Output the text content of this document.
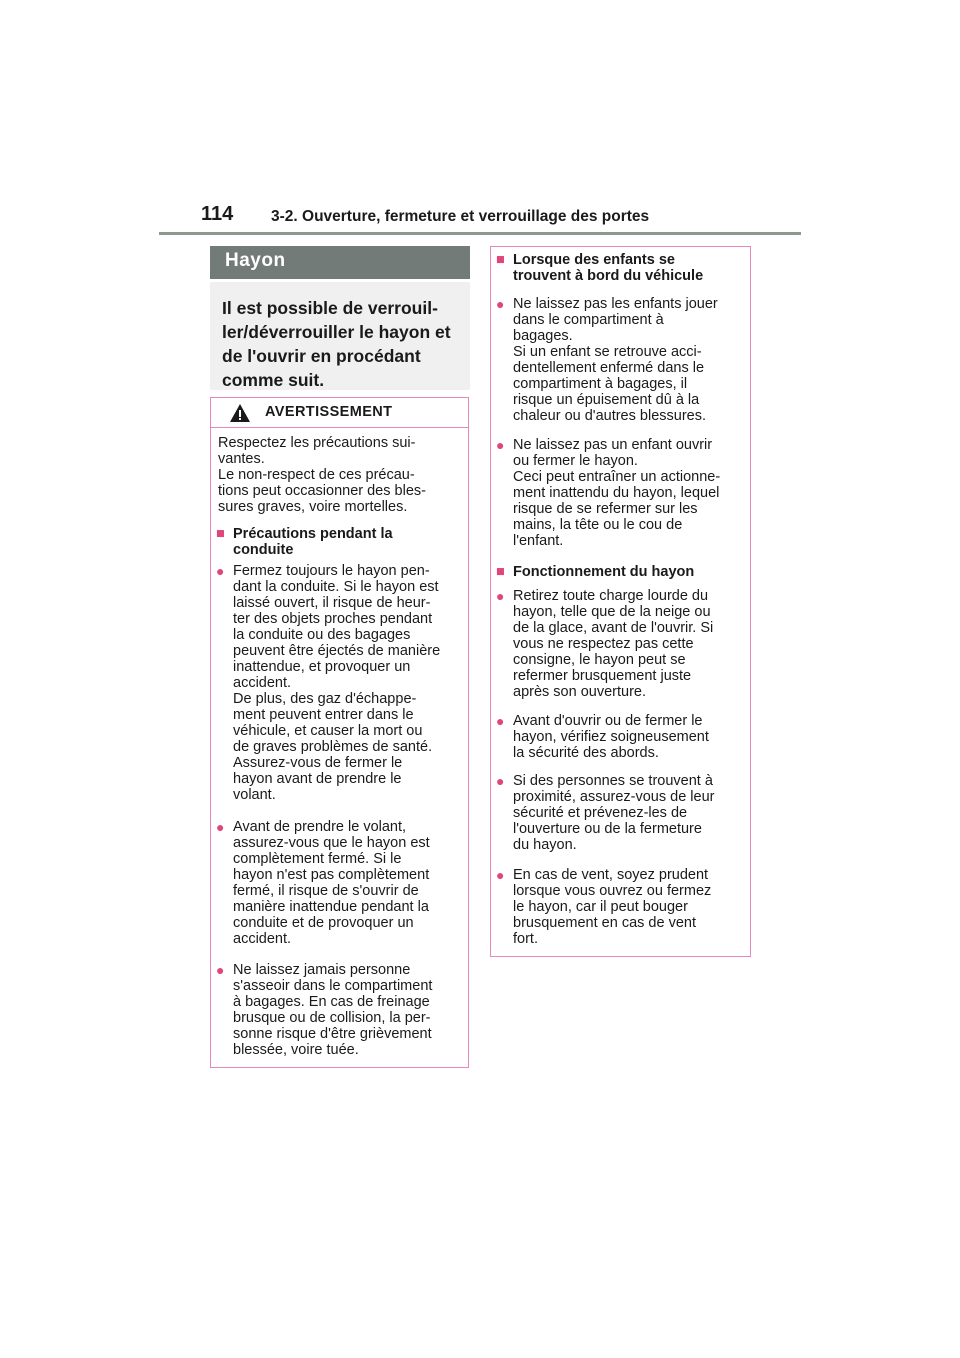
114 3-2. Ouverture, fermeture et verrouillage des portes
Hayon

Il est possible de verrouil-
ler/déverrouiller le hayon et
de l'ouvrir en procédant
comme suit.

AVERTISSEMENT

Respectez les précautions sui-
vantes.
Le non-respect de ces précau-
tions peut occasionner des bles-
sures graves, voire mortelles.

■ Précautions pendant la
conduite
● Fermez toujours le hayon pen-
dant la conduite. Si le hayon est
laissé ouvert, il risque de heur-
ter des objets proches pendant
la conduite ou des bagages
peuvent être éjectés de manière
inattendue, et provoquer un
accident.
De plus, des gaz d'échappe-
ment peuvent entrer dans le
véhicule, et causer la mort ou
de graves problèmes de santé.
Assurez-vous de fermer le
hayon avant de prendre le
volant.
● Avant de prendre le volant,
assurez-vous que le hayon est
complètement fermé. Si le
hayon n'est pas complètement
fermé, il risque de s'ouvrir de
manière inattendue pendant la
conduite et de provoquer un
accident.
● Ne laissez jamais personne
s'asseoir dans le compartiment
à bagages. En cas de freinage
brusque ou de collision, la per-
sonne risque d'être grièvement
blessée, voire tuée.
■ Lorsque des enfants se
trouvent à bord du véhicule
● Ne laissez pas les enfants jouer
dans le compartiment à
bagages.
Si un enfant se retrouve acci-
dentellement enfermé dans le
compartiment à bagages, il
risque un épuisement dû à la
chaleur ou d'autres blessures.
● Ne laissez pas un enfant ouvrir
ou fermer le hayon.
Ceci peut entraîner un actionne-
ment inattendu du hayon, lequel
risque de se refermer sur les
mains, la tête ou le cou de
l'enfant.
■ Fonctionnement du hayon
● Retirez toute charge lourde du
hayon, telle que de la neige ou
de la glace, avant de l'ouvrir. Si
vous ne respectez pas cette
consigne, le hayon peut se
refermer brusquement juste
après son ouverture.
● Avant d'ouvrir ou de fermer le
hayon, vérifiez soigneusement
la sécurité des abords.
● Si des personnes se trouvent à
proximité, assurez-vous de leur
sécurité et prévenez-les de
l'ouverture ou de la fermeture
du hayon.
● En cas de vent, soyez prudent
lorsque vous ouvrez ou fermez
le hayon, car il peut bouger
brusquement en cas de vent
fort.
